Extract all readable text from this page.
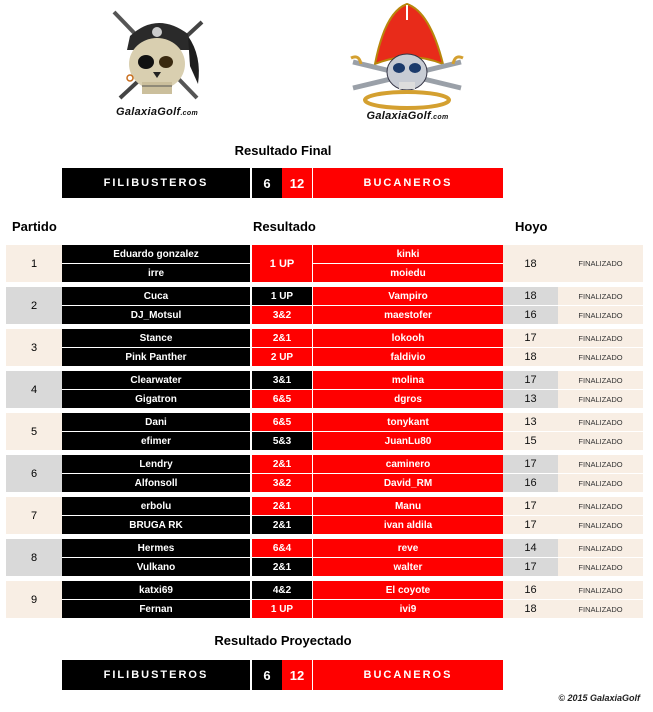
GalaxiaGolf.com	GalaxiaGolf.com
Resultado Final
FILIBUSTEROS	6	12	BUCANEROS
Partido	Resultado	Hoyo
1
Eduardo gonzalez	kinki
irre	moiedu
1 UP	18	FINALIZADO
2
Cuca	1 UP	Vampiro	18	FINALIZADO
DJ_Motsul	3&2	maestofer	16	FINALIZADO
3
Stance	2&1	lokooh	17	FINALIZADO
Pink Panther	2 UP	faldivio	18	FINALIZADO
4
Clearwater	3&1	molina	17	FINALIZADO
Gigatron	6&5	dgros	13	FINALIZADO
5
Dani	6&5	tonykant	13	FINALIZADO
efimer	5&3	JuanLu80	15	FINALIZADO
6
Lendry	2&1	caminero	17	FINALIZADO
Alfonsoll	3&2	David_RM	16	FINALIZADO
7
erbolu	2&1	Manu	17	FINALIZADO
BRUGA RK	2&1	ivan aldila	17	FINALIZADO
8
Hermes	6&4	reve	14	FINALIZADO
Vulkano	2&1	walter	17	FINALIZADO
9
katxi69	4&2	El coyote	16	FINALIZADO
Fernan	1 UP	ivi9	18	FINALIZADO
Resultado Proyectado
FILIBUSTEROS	6	12	BUCANEROS
© 2015 GalaxiaGolf
